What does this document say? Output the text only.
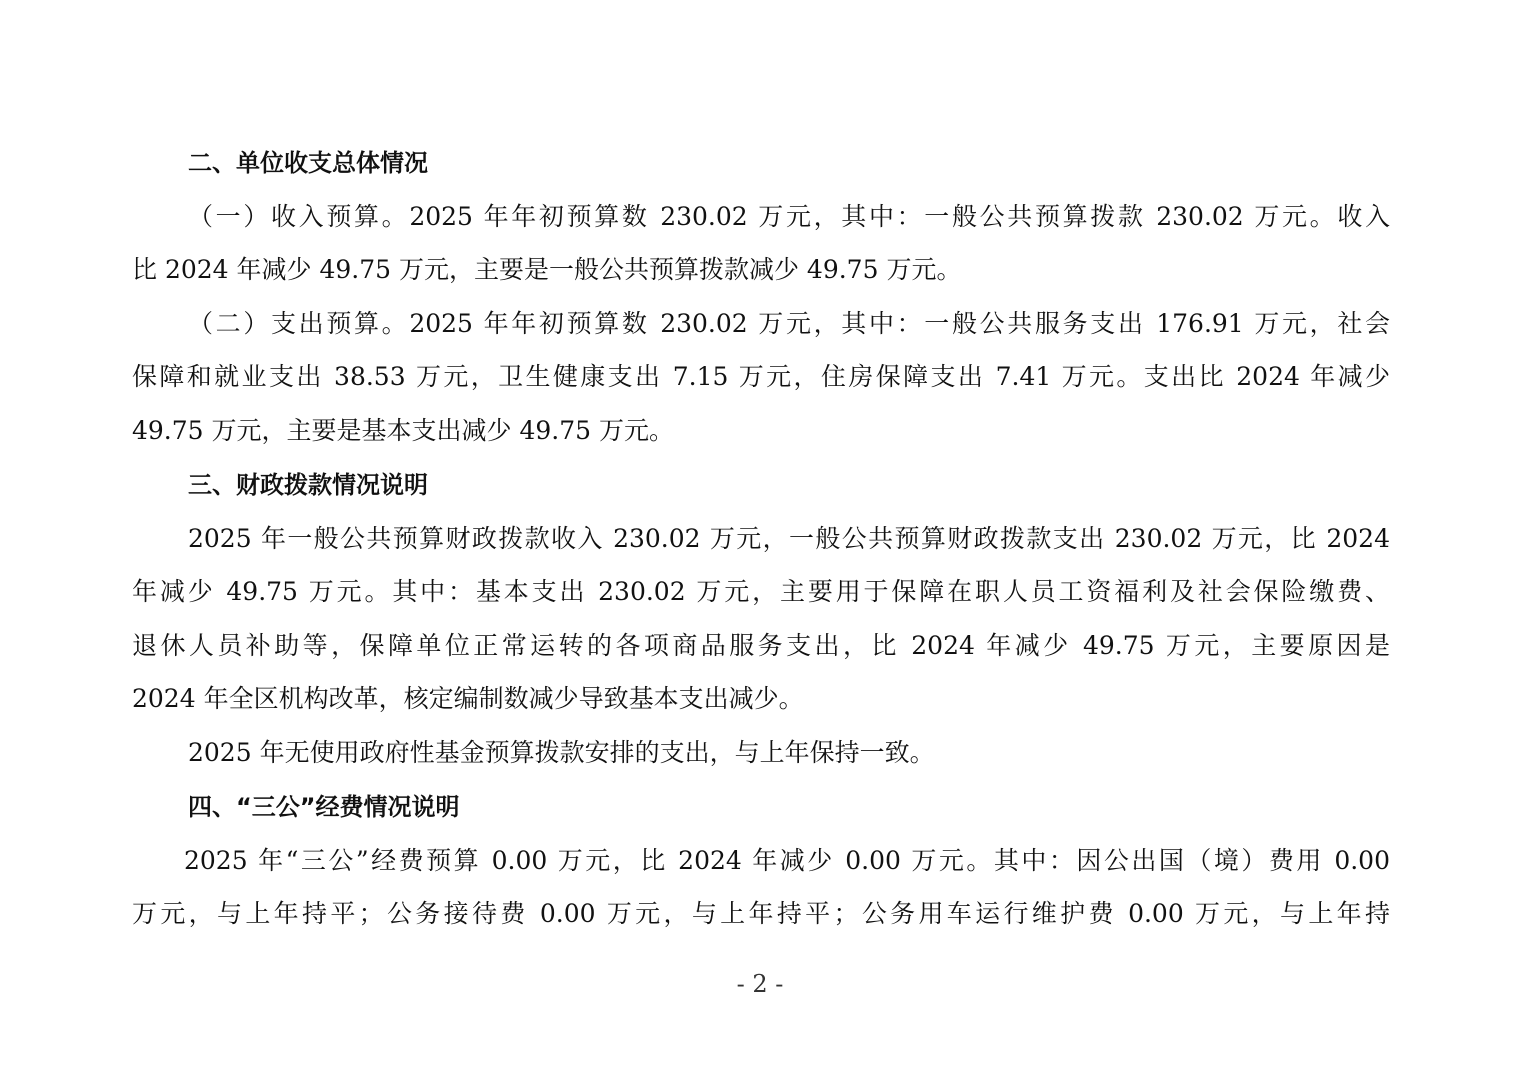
二、单位收支总体情况
（一）收入预算。2025 年年初预算数 230.02 万元，其中：一般公共预算拨款 230.02 万元。收入
比 2024 年减少 49.75 万元，主要是一般公共预算拨款减少 49.75 万元。
（二）支出预算。2025 年年初预算数 230.02 万元，其中：一般公共服务支出 176.91 万元，社会
保障和就业支出 38.53 万元，卫生健康支出 7.15 万元，住房保障支出 7.41 万元。支出比 2024 年减少
49.75 万元，主要是基本支出减少 49.75 万元。
三、财政拨款情况说明
2025 年一般公共预算财政拨款收入 230.02 万元，一般公共预算财政拨款支出 230.02 万元，比 2024
年减少 49.75 万元。其中：基本支出 230.02 万元，主要用于保障在职人员工资福利及社会保险缴费、
退休人员补助等，保障单位正常运转的各项商品服务支出，比 2024 年减少 49.75 万元，主要原因是
2024 年全区机构改革，核定编制数减少导致基本支出减少。
2025 年无使用政府性基金预算拨款安排的支出，与上年保持一致。
四、“三公”经费情况说明
2025 年“三公”经费预算 0.00 万元，比 2024 年减少 0.00 万元。其中：因公出国（境）费用 0.00
万元，与上年持平；公务接待费 0.00 万元，与上年持平；公务用车运行维护费 0.00 万元，与上年持
- 2 -
